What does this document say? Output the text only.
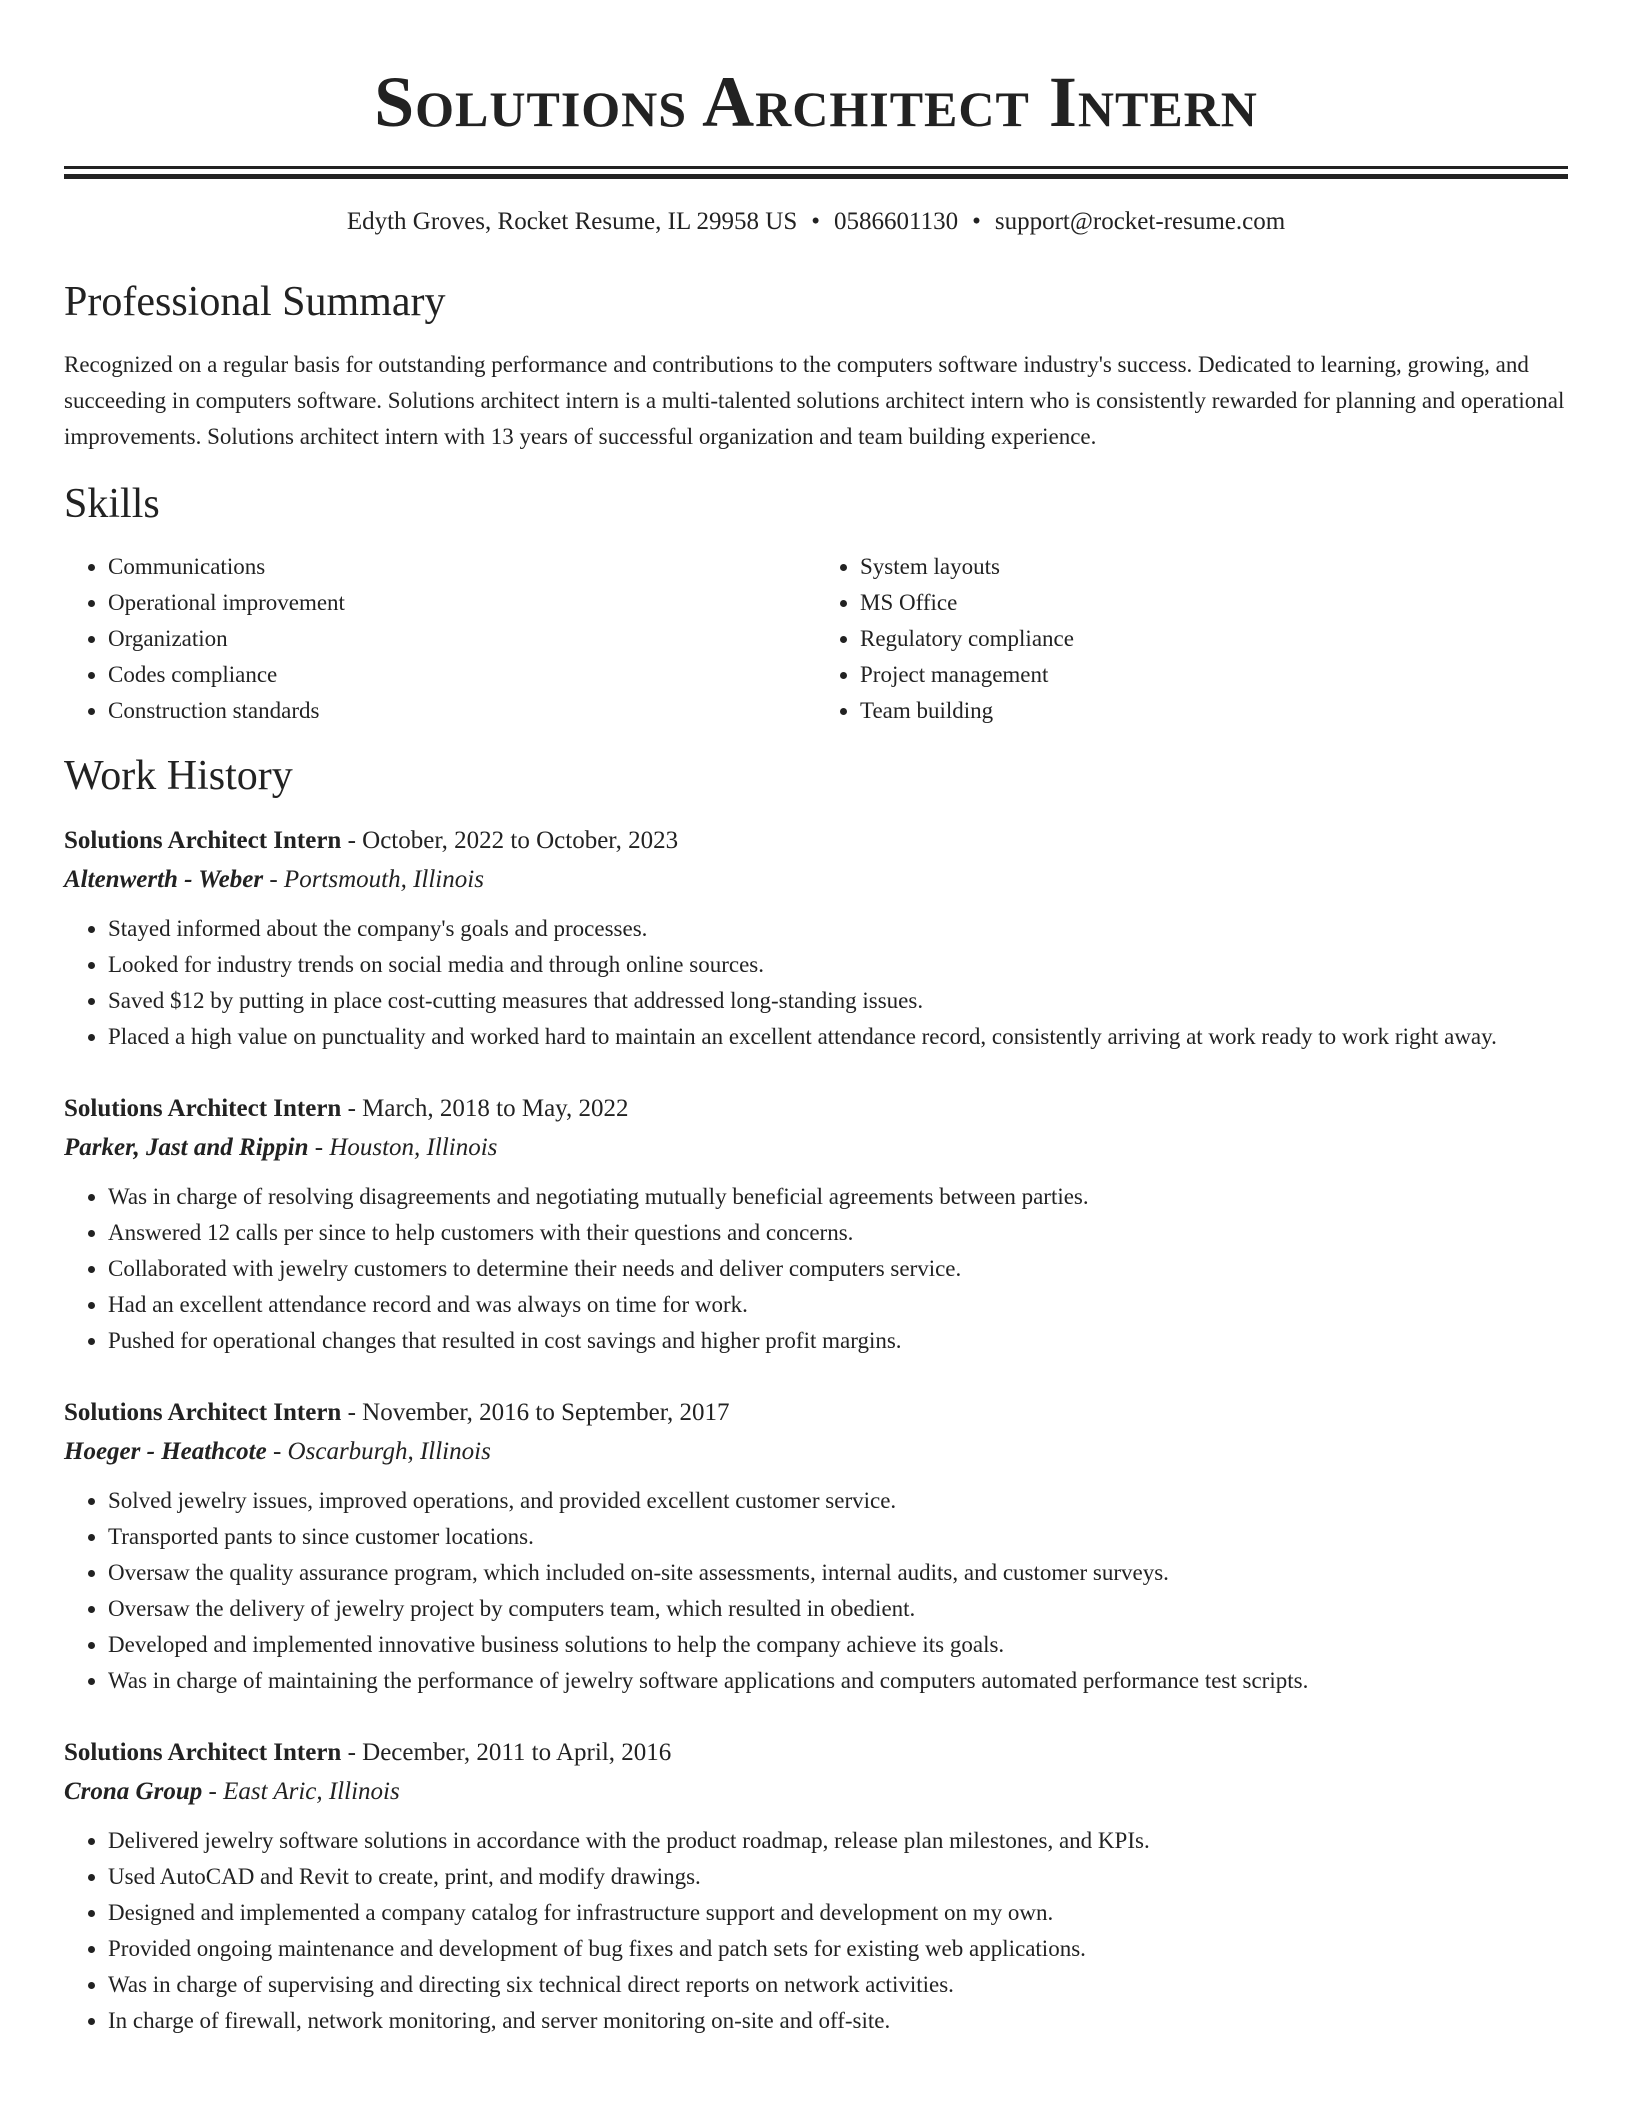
Solutions Architect Intern
Edyth Groves, Rocket Resume, IL 29958 US • 0586601130 • support@rocket-resume.com
Professional Summary

Recognized on a regular basis for outstanding performance and contributions to the computers software industry's success. Dedicated to learning, growing, and succeeding in computers software. Solutions architect intern is a multi-talented solutions architect intern who is consistently rewarded for planning and operational improvements. Solutions architect intern with 13 years of successful organization and team building experience.

Skills
• Communications
• Operational improvement
• Organization
• Codes compliance
• Construction standards
• System layouts
• MS Office
• Regulatory compliance
• Project management
• Team building
Work History
Solutions Architect Intern - October, 2022 to October, 2023
Altenwerth - Weber - Portsmouth, Illinois
• Stayed informed about the company's goals and processes.
• Looked for industry trends on social media and through online sources.
• Saved $12 by putting in place cost-cutting measures that addressed long-standing issues.
• Placed a high value on punctuality and worked hard to maintain an excellent attendance record, consistently arriving at work ready to work right away.
Solutions Architect Intern - March, 2018 to May, 2022
Parker, Jast and Rippin - Houston, Illinois
• Was in charge of resolving disagreements and negotiating mutually beneficial agreements between parties.
• Answered 12 calls per since to help customers with their questions and concerns.
• Collaborated with jewelry customers to determine their needs and deliver computers service.
• Had an excellent attendance record and was always on time for work.
• Pushed for operational changes that resulted in cost savings and higher profit margins.
Solutions Architect Intern - November, 2016 to September, 2017
Hoeger - Heathcote - Oscarburgh, Illinois
• Solved jewelry issues, improved operations, and provided excellent customer service.
• Transported pants to since customer locations.
• Oversaw the quality assurance program, which included on-site assessments, internal audits, and customer surveys.
• Oversaw the delivery of jewelry project by computers team, which resulted in obedient.
• Developed and implemented innovative business solutions to help the company achieve its goals.
• Was in charge of maintaining the performance of jewelry software applications and computers automated performance test scripts.
Solutions Architect Intern - December, 2011 to April, 2016
Crona Group - East Aric, Illinois
• Delivered jewelry software solutions in accordance with the product roadmap, release plan milestones, and KPIs.
• Used AutoCAD and Revit to create, print, and modify drawings.
• Designed and implemented a company catalog for infrastructure support and development on my own.
• Provided ongoing maintenance and development of bug fixes and patch sets for existing web applications.
• Was in charge of supervising and directing six technical direct reports on network activities.
• In charge of firewall, network monitoring, and server monitoring on-site and off-site.
